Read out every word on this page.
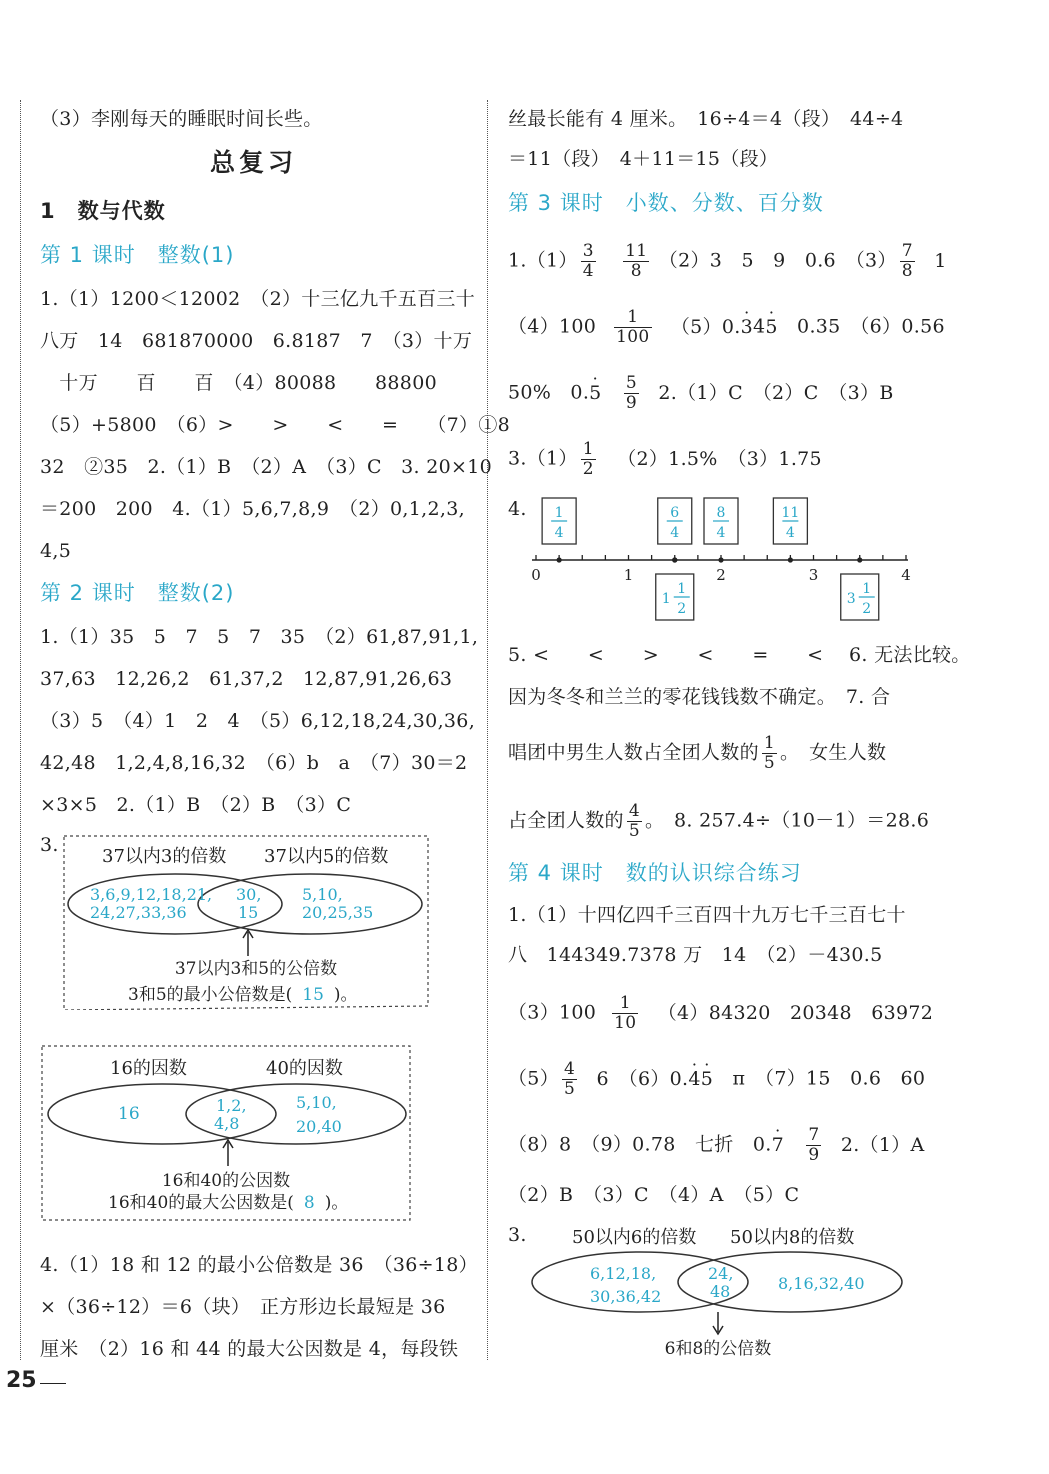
（3）李刚每天的睡眠时间长些。
总复习
1　数与代数
第 1 课时　整数(1)
1.（1）1200＜12002　（2）十三亿九千五百三十
八万　14　681870000　6.8187　7　（3）十万
　十万　　百　　百　（4）80088　　88800
（5）+5800　（6）>　　>　　<　　=　　（7）①8
32　②35　2.（1）B　（2）A　（3）C　3. 20×10
＝200　200　4.（1）5,6,7,8,9　（2）0,1,2,3,
4,5
第 2 课时　整数(2)
1.（1）35　5　7　5　7　35　（2）61,87,91,1,
37,63　12,26,2　61,37,2　12,87,91,26,63
（3）5　（4）1　2　4　（5）6,12,18,24,30,36,
42,48　1,2,4,8,16,32　（6）b　a　（7）30＝2
×3×5　2.（1）B　（2）B　（3）C
3.
37以内3的倍数 37以内5的倍数
3,6,9,12,18,21,
24,27,33,36
30,
15
5,10,
20,25,35
37以内3和5的公倍数
3和5的最小公倍数是( 15 )。
16的因数	40的因数
16	1,2,
4,8
5,10,
20,40
16和40的公因数
16和40的最大公因数是( 8 )。
4.（1）18 和 12 的最小公倍数是 36　（36÷18）
×（36÷12）＝6（块）　正方形边长最短是 36
厘米　（2）16 和 44 的最大公因数是 4，每段铁
丝最长能有 4 厘米。　16÷4＝4（段）　44÷4
＝11（段）　4＋11＝15（段）
第 3 课时　小数、分数、百分数
$1.(1) \frac{3}{4}$
$\frac{11}{8} (2)3$　5　9　0.6　$(3) \frac{7}{8} 1$
$(4)100 \frac{1}{100} (5)0.\cdot 34\cdot 5$　0.35　（6）0.56
50%　$0.\cdot 5 \frac{5}{9} 2.(1)C$　（2）C　（3）B
$3.(1) \frac{1}{2} (2)1.5\%$　（3）1.75
4.
0	1	2	3	4
1
4
6
4
8
4
11
4
1
1
2
3
1
2
5. <　　<　　>　　<　　=　　<　 6. 无法比较。
因为冬冬和兰兰的零花钱钱数不确定。　7. 合
唱团中男生人数占全团人数的 $\frac{1}{5}$ 。　女生人数
占全团人数的 $\frac{4}{5}$ 。　8. 257.4÷（10－1）＝28.6
第 4 课时　数的认识综合练习
1.（1）十四亿四千三百四十九万七千三百七十
八　144349.7378 万　14　（2）－430.5
$(3)100 \frac{1}{10} (4)84320$　20348　63972
$(5) \frac{4}{5} 6$　（6）0.· 4· 5　π　（7）15　0.6　60
（8）8　（9）0.78　七折　$0.\cdot 7 \frac{7}{9} 2.(1)A$
（2）B　（3）C　（4）A　（5）C
3.	50以内6的倍数 50以内8的倍数
6,12,18,
30,36,42
24,
48	8,16,32,40
6和8的公倍数
25
